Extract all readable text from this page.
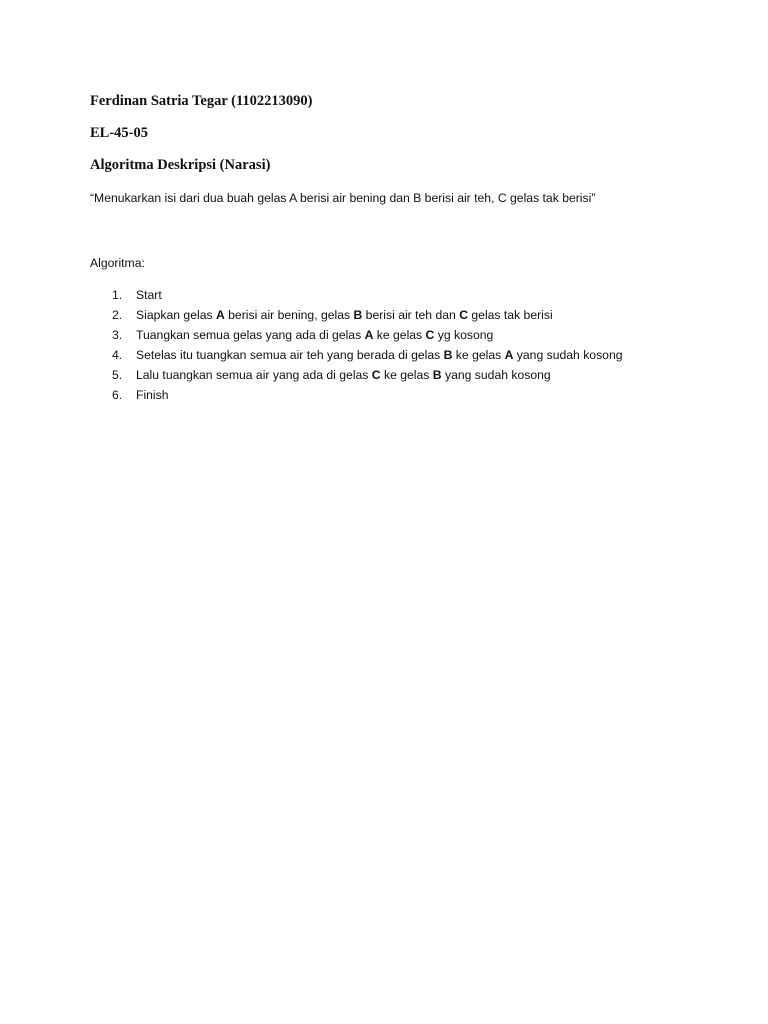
Ferdinan Satria Tegar (1102213090)
EL-45-05
Algoritma Deskripsi (Narasi)
“Menukarkan isi dari dua buah gelas A berisi air bening dan B berisi air teh, C gelas tak berisi”
Algoritma:
1. Start
2. Siapkan gelas A berisi air bening, gelas B berisi air teh dan C gelas tak berisi
3. Tuangkan semua gelas yang ada di gelas A ke gelas C yg kosong
4. Setelas itu tuangkan semua air teh yang berada di gelas B ke gelas A yang sudah kosong
5. Lalu tuangkan semua air yang ada di gelas C ke gelas B yang sudah kosong
6. Finish
